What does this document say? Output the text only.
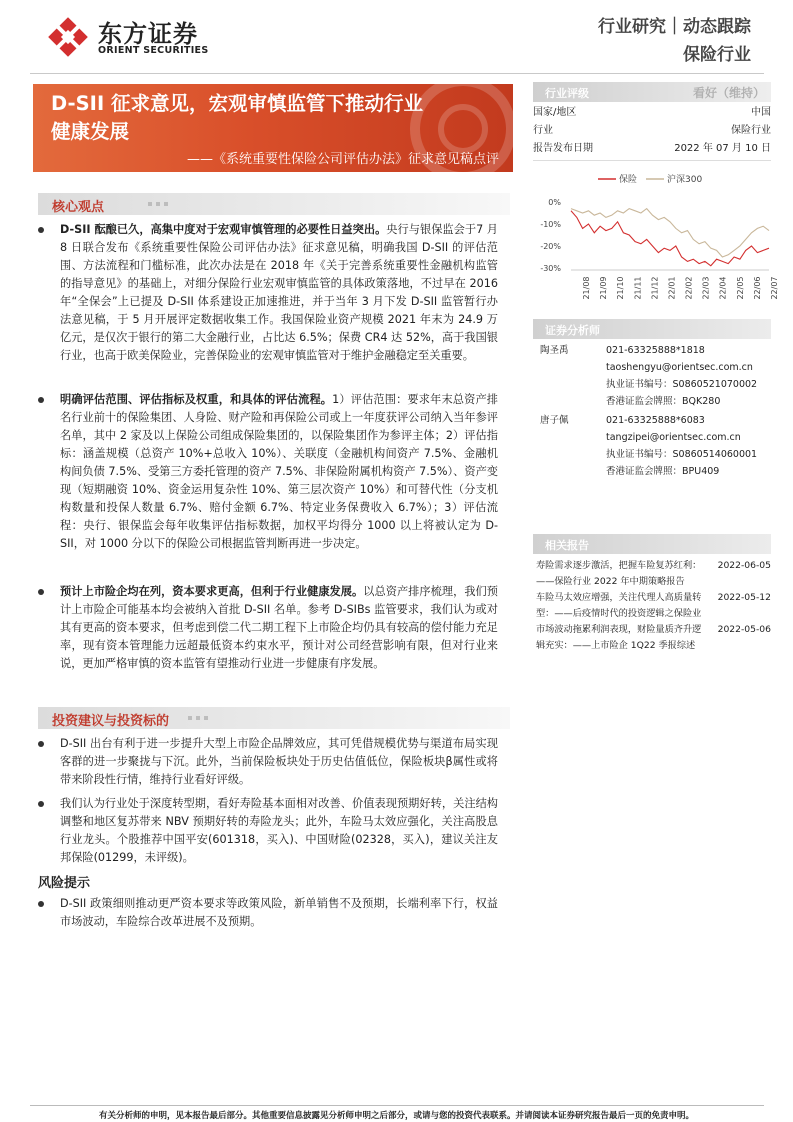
东方证券
ORIENT SECURITIES
行业研究｜动态跟踪
保险行业
D-SII 征求意见，宏观审慎监管下推动行业
健康发展
——《系统重要性保险公司评估办法》征求意见稿点评
核心观点

D-SII 酝酿已久，高集中度对于宏观审慎管理的必要性日益突出。央行与银保监会于7 月 8 日联合发布《系统重要性保险公司评估办法》征求意见稿，明确我国 D-SII 的评估范围、方法流程和门槛标准，此次办法是在 2018 年《关于完善系统重要性金融机构监管的指导意见》的基础上，对细分保险行业宏观审慎监管的具体政策落地，不过早在 2016 年“全保会”上已提及 D-SII 体系建设正加速推进，并于当年 3 月下发 D-SII 监管暂行办法意见稿，于 5 月开展评定数据收集工作。我国保险业资产规模 2021 年末为 24.9 万亿元，是仅次于银行的第二大金融行业，占比达 6.5%；保费 CR4 达 52%，高于我国银行业，也高于欧美保险业，完善保险业的宏观审慎监管对于维护金融稳定至关重要。

明确评估范围、评估指标及权重，和具体的评估流程。1）评估范围：要求年末总资产排名行业前十的保险集团、人身险、财产险和再保险公司或上一年度获评公司纳入当年参评名单，其中 2 家及以上保险公司组成保险集团的，以保险集团作为参评主体；2）评估指标：涵盖规模（总资产 10%+总收入 10%）、关联度（金融机构间资产 7.5%、金融机构间负债 7.5%、受第三方委托管理的资产 7.5%、非保险附属机构资产 7.5%）、资产变现（短期融资 10%、资金运用复杂性 10%、第三层次资产 10%）和可替代性（分支机构数量和投保人数量 6.7%、赔付金额 6.7%、特定业务保费收入 6.7%）；3）评估流程：央行、银保监会每年收集评估指标数据，加权平均得分 1000 以上将被认定为 D-SII，对 1000 分以下的保险公司根据监管判断再进一步决定。

预计上市险企均在列，资本要求更高，但利于行业健康发展。以总资产排序梳理，我们预计上市险企可能基本均会被纳入首批 D-SII 名单。参考 D-SIBs 监管要求，我们认为或对其有更高的资本要求，但考虑到偿二代二期工程下上市险企均仍具有较高的偿付能力充足率，现有资本管理能力远超最低资本约束水平，预计对公司经营影响有限，但对行业来说，更加严格审慎的资本监管有望推动行业进一步健康有序发展。

投资建议与投资标的

D-SII 出台有利于进一步提升大型上市险企品牌效应，其可凭借规模优势与渠道布局实现客群的进一步聚拢与下沉。此外，当前保险板块处于历史估值低位，保险板块β属性或将带来阶段性行情，维持行业看好评级。

我们认为行业处于深度转型期，看好寿险基本面相对改善、价值表现预期好转，关注结构调整和地区复苏带来 NBV 预期好转的寿险龙头；此外，车险马太效应强化，关注高股息行业龙头。个股推荐中国平安(601318，买入)、中国财险(02328，买入)，建议关注友邦保险(01299，未评级)。

风险提示

D-SII 政策细则推动更严资本要求等政策风险，新单销售不及预期，长端利率下行，权益市场波动，车险综合改革进展不及预期。

行业评级	看好（维持）
国家/地区	中国
行业	保险行业
报告发布日期	2022 年 07 月 10 日
保险	沪深300
0%
-10%
-20%
-30%
21/08 21/09 21/10 21/11 21/12 22/01 22/02 22/03 22/04 22/05 22/06 22/07
证券分析师
陶圣禹	021-63325888*1818
taoshengyu@orientsec.com.cn
执业证书编号：S0860521070002
香港证监会牌照：BQK280
唐子佩	021-63325888*6083
tangzipei@orientsec.com.cn
执业证书编号：S0860514060001
香港证监会牌照：BPU409
相关报告
寿险需求逐步激活，把握车险复苏红利： 2022-06-05
——保险行业 2022 年中期策略报告
车险马太效应增强，关注代理人高质量转 2022-05-12
型：——后疫情时代的投资逻辑之保险业
市场波动拖累利润表现，财险量质齐升逻 2022-05-06
辑充实：——上市险企 1Q22 季报综述
有关分析师的申明，见本报告最后部分。其他重要信息披露见分析师申明之后部分，或请与您的投资代表联系。并请阅读本证券研究报告最后一页的免责申明。
